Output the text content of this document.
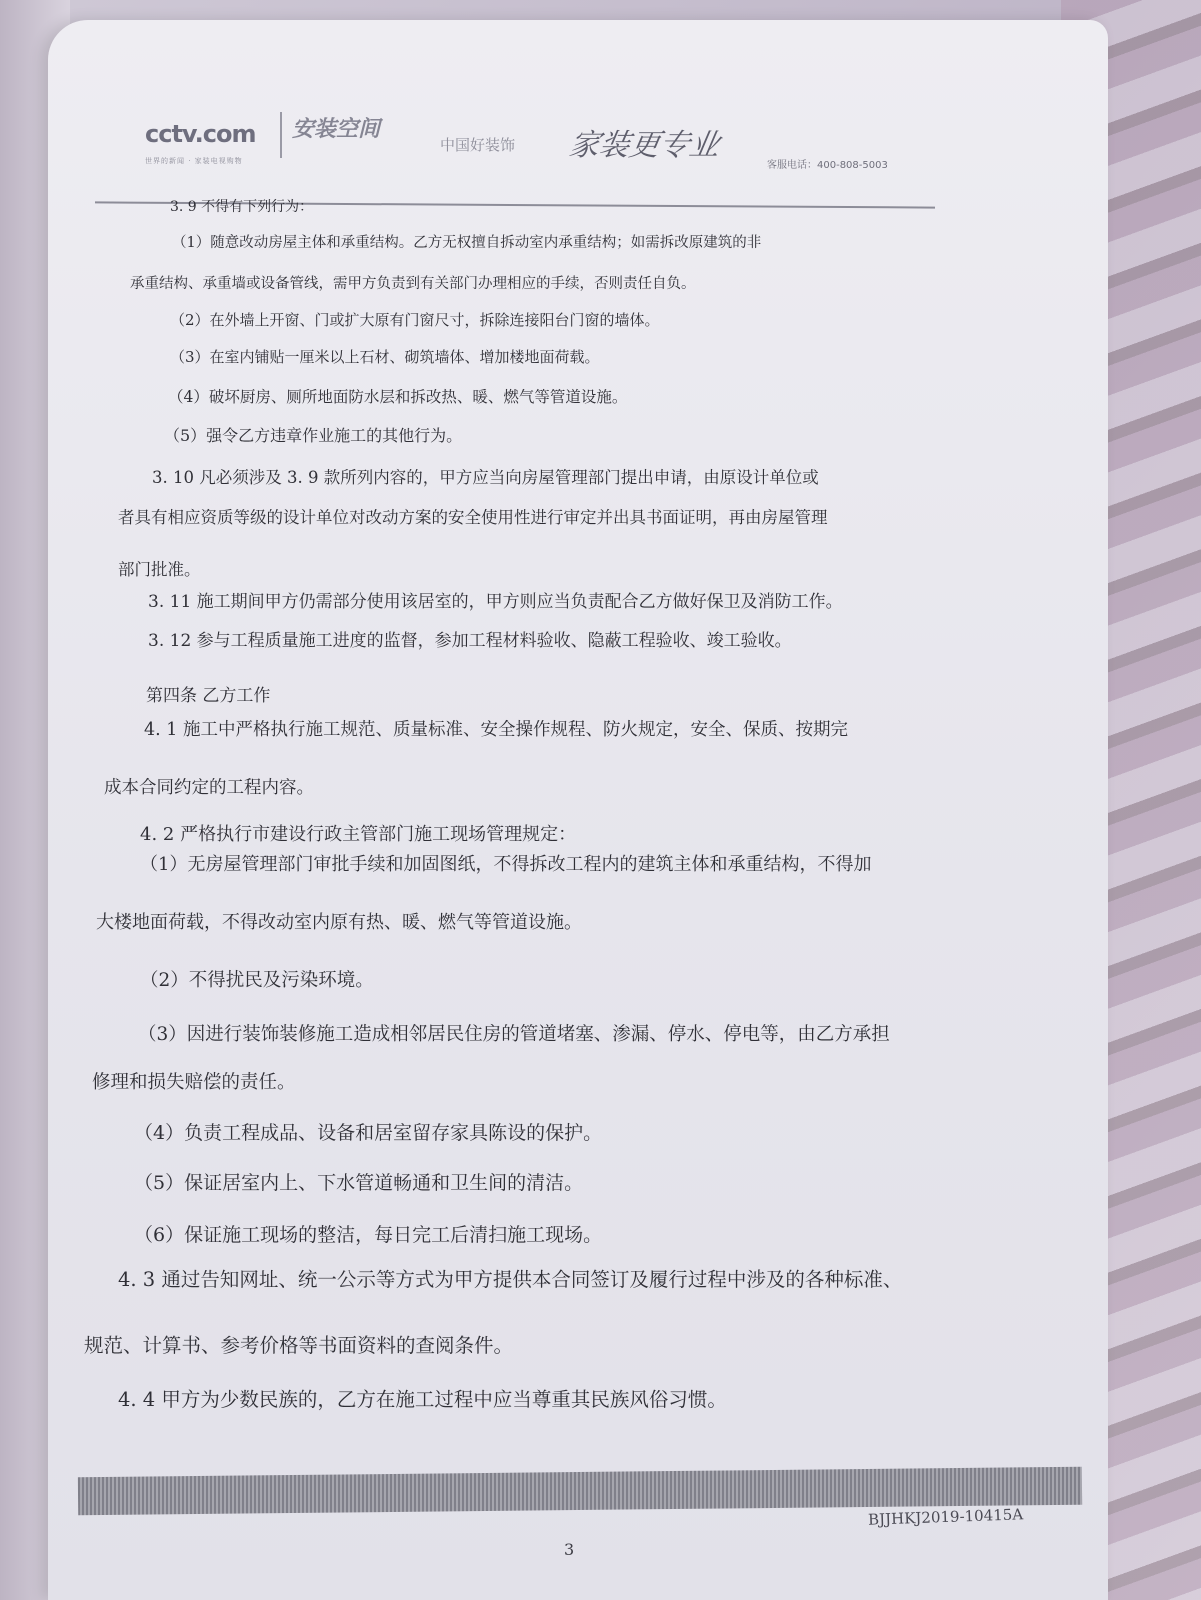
cctv.com
世界的新闻 · 家装电视购物
安装空间
中国好装饰 家装更专业
客服电话：400-808-5003
3. 9 不得有下列行为：
（1）随意改动房屋主体和承重结构。乙方无权擅自拆动室内承重结构；如需拆改原建筑的非
承重结构、承重墙或设备管线，需甲方负责到有关部门办理相应的手续，否则责任自负。
（2）在外墙上开窗、门或扩大原有门窗尺寸，拆除连接阳台门窗的墙体。
（3）在室内铺贴一厘米以上石材、砌筑墙体、增加楼地面荷载。
（4）破坏厨房、厕所地面防水层和拆改热、暖、燃气等管道设施。
（5）强令乙方违章作业施工的其他行为。
3. 10 凡必须涉及 3. 9 款所列内容的，甲方应当向房屋管理部门提出申请，由原设计单位或
者具有相应资质等级的设计单位对改动方案的安全使用性进行审定并出具书面证明，再由房屋管理
部门批准。
3. 11 施工期间甲方仍需部分使用该居室的，甲方则应当负责配合乙方做好保卫及消防工作。
3. 12 参与工程质量施工进度的监督，参加工程材料验收、隐蔽工程验收、竣工验收。
第四条 乙方工作
4. 1 施工中严格执行施工规范、质量标准、安全操作规程、防火规定，安全、保质、按期完
成本合同约定的工程内容。
4. 2 严格执行市建设行政主管部门施工现场管理规定：
（1）无房屋管理部门审批手续和加固图纸，不得拆改工程内的建筑主体和承重结构，不得加
大楼地面荷载，不得改动室内原有热、暖、燃气等管道设施。
（2）不得扰民及污染环境。
（3）因进行装饰装修施工造成相邻居民住房的管道堵塞、渗漏、停水、停电等，由乙方承担
修理和损失赔偿的责任。
（4）负责工程成品、设备和居室留存家具陈设的保护。
（5）保证居室内上、下水管道畅通和卫生间的清洁。
（6）保证施工现场的整洁，每日完工后清扫施工现场。
4. 3 通过告知网址、统一公示等方式为甲方提供本合同签订及履行过程中涉及的各种标准、
规范、计算书、参考价格等书面资料的查阅条件。
4. 4 甲方为少数民族的，乙方在施工过程中应当尊重其民族风俗习惯。
BJJHKJ2019-10415A
3
